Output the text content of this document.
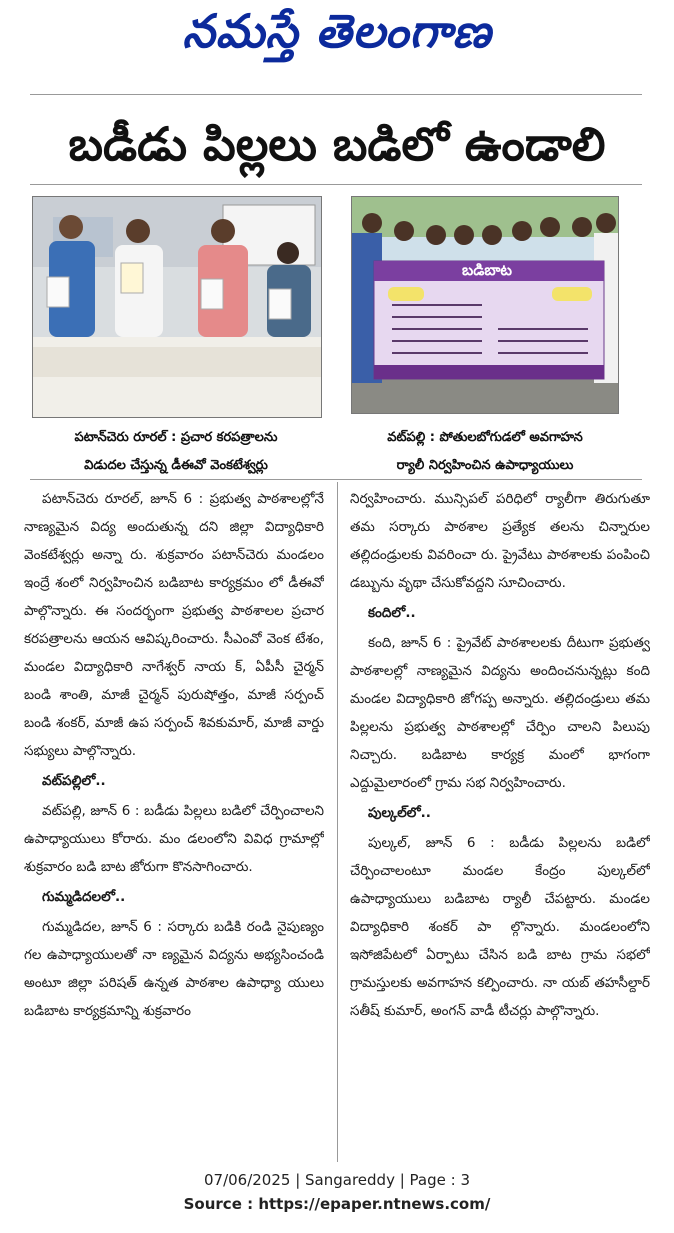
నమస్తే తెలంగాణ
బడీడు పిల్లలు బడిలో ఉండాలి
బడిబాట
పటాన్‌చెరు రూరల్ : ప్రచార కరపత్రాలను
విడుదల చేస్తున్న డీఈవో వెంకటేశ్వర్లు
వట్‌పల్లి : పోతులబోగుడలో అవగాహన
ర్యాలీ నిర్వహించిన ఉపాధ్యాయులు

పటాన్‌చెరు రూరల్, జూన్ 6 : ప్రభుత్వ పాఠశాలల్లోనే నాణ్యమైన విద్య అందుతున్న దని జిల్లా విద్యాధికారి వెంకటేశ్వర్లు అన్నా రు. శుక్రవారం పటాన్‌చెరు మండలం ఇంద్రే శంలో నిర్వహించిన బడిబాట కార్యక్రమం లో డీఈవో పాల్గొన్నారు. ఈ సందర్భంగా ప్రభుత్వ పాఠశాలల ప్రచార కరపత్రాలను ఆయన ఆవిష్కరించారు. సీఎంవో వెంక టేశం, మండల విద్యాధికారి నాగేశ్వర్ నాయ క్, ఏపీసీ చైర్మన్ బండి శాంతి, మాజీ చైర్మన్ పురుషోత్తం, మాజీ సర్పంచ్ బండి శంకర్, మాజీ ఉప సర్పంచ్ శివకుమార్, మాజీ వార్డు సభ్యులు పాల్గొన్నారు.

వట్‌పల్లిలో..

వట్‌పల్లి, జూన్ 6 : బడీడు పిల్లలు బడిలో చేర్పించాలని ఉపాధ్యాయులు కోరారు. మం డలంలోని వివిధ గ్రామాల్లో శుక్రవారం బడి బాట జోరుగా కొనసాగించారు.

గుమ్మడిదలలో..

గుమ్మడిదల, జూన్ 6 : సర్కారు బడికి రండి నైపుణ్యం గల ఉపాధ్యాయులతో నా ణ్యమైన విద్యను అభ్యసించండి అంటూ జిల్లా పరిషత్ ఉన్నత పాఠశాల ఉపాధ్యా యులు బడిబాట కార్యక్రమాన్ని శుక్రవారం

నిర్వహించారు. మున్సిపల్ పరిధిలో ర్యాలీగా తిరుగుతూ తమ సర్కారు పాఠశాల ప్రత్యేక తలను చిన్నారుల తల్లిదండ్రులకు వివరించా రు. ప్రైవేటు పాఠశాలకు పంపించి డబ్బును వృథా చేసుకోవద్దని సూచించారు.

కందిలో..

కంది, జూన్ 6 : ప్రైవేట్ పాఠశాలలకు దీటుగా ప్రభుత్వ పాఠశాలల్లో నాణ్యమైన విద్యను అందించనున్నట్లు కంది మండల విద్యాధికారి జోగప్ప అన్నారు. తల్లిదండ్రులు తమ పిల్లలను ప్రభుత్వ పాఠశాలల్లో చేర్పిం చాలని పిలుపు నిచ్చారు. బడిబాట కార్యక్ర మంలో భాగంగా ఎద్దుమైలారంలో గ్రామ సభ నిర్వహించారు.

పుల్కల్‌లో..

పుల్కల్, జూన్ 6 : బడీడు పిల్లలను బడిలో చేర్పించాలంటూ మండల కేంద్రం పుల్కల్‌లో ఉపాధ్యాయులు బడిబాట ర్యాలీ చేపట్టారు. మండల విద్యాధికారి శంకర్ పా ల్గొన్నారు. మండలంలోని ఇసోజిపేటలో ఏర్పాటు చేసిన బడి బాట గ్రామ సభలో గ్రామస్తులకు అవగాహన కల్పించారు. నా యబ్ తహసీల్దార్ సతీష్ కుమార్, అంగన్ వాడీ టీచర్లు పాల్గొన్నారు.

07/06/2025 | Sangareddy | Page : 3
Source : https://epaper.ntnews.com/
